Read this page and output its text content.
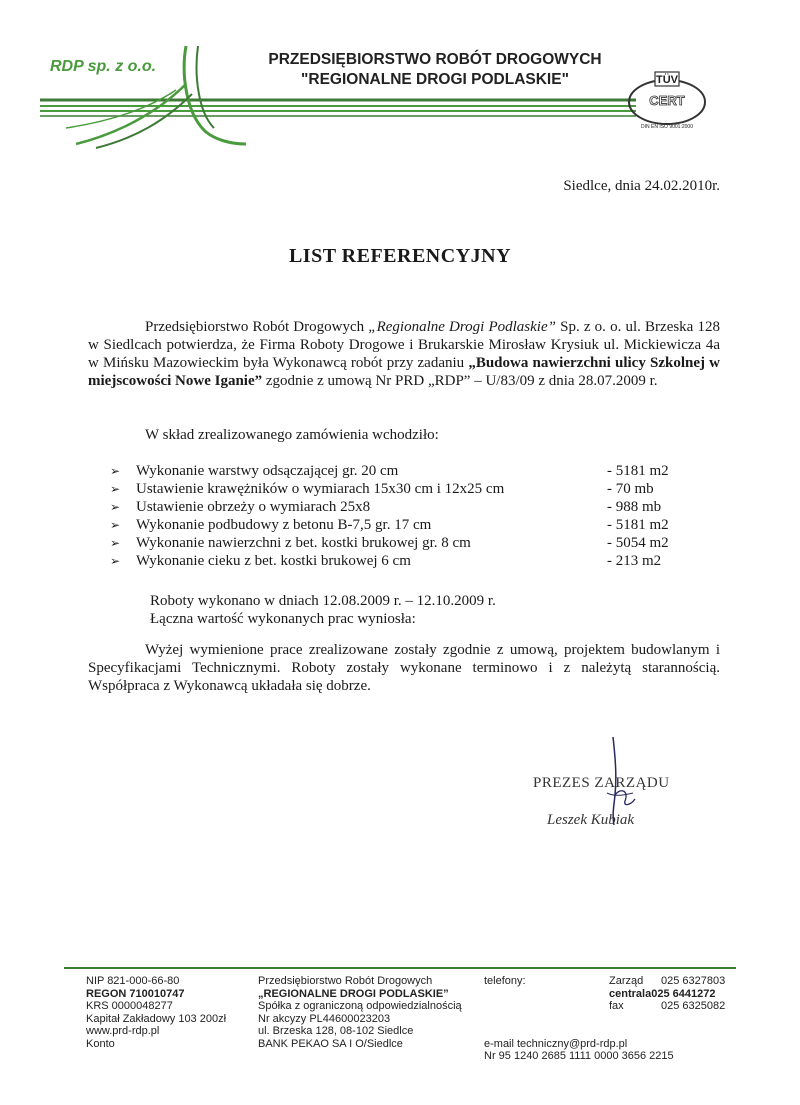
RDP sp. z o.o.	PRZEDSIĘBIORSTWO ROBÓT DROGOWYCH
"REGIONALNE DROGI PODLASKIE"	TÜV
CERT
DIN EN ISO 9001:2000
Siedlce, dnia 24.02.2010r.
LIST REFERENCYJNY
Przedsiębiorstwo Robót Drogowych „Regionalne Drogi Podlaskie” Sp. z o. o. ul. Brzeska 128 w Siedlcach potwierdza, że Firma Roboty Drogowe i Brukarskie Mirosław Krysiuk ul. Mickiewicza 4a w Mińsku Mazowieckim była Wykonawcą robót przy zadaniu „Budowa nawierzchni ulicy Szkolnej w miejscowości Nowe Iganie” zgodnie z umową Nr PRD „RDP” – U/83/09 z dnia 28.07.2009 r.
W skład zrealizowanego zamówienia wchodziło:
➢ Wykonanie warstwy odsączającej gr. 20 cm	- 5181 m2
➢ Ustawienie krawężników o wymiarach 15x30 cm i 12x25 cm	- 70 mb
➢ Ustawienie obrzeży o wymiarach 25x8	- 988 mb
➢ Wykonanie podbudowy z betonu B-7,5 gr. 17 cm	- 5181 m2
➢ Wykonanie nawierzchni z bet. kostki brukowej gr. 8 cm	- 5054 m2
➢ Wykonanie cieku z bet. kostki brukowej 6 cm	- 213 m2
Roboty wykonano w dniach 12.08.2009 r. – 12.10.2009 r.
Łączna wartość wykonanych prac wyniosła:
Wyżej wymienione prace zrealizowane zostały zgodnie z umową, projektem budowlanym i Specyfikacjami Technicznymi. Roboty zostały wykonane terminowo i z należytą starannością. Współpraca z Wykonawcą układała się dobrze.
PREZES ZARZĄDU
Leszek Kubiak
NIP 821-000-66-80
REGON 710010747
KRS 0000048277
Kapitał Zakładowy 103 200zł
www.prd-rdp.pl
Konto
Przedsiębiorstwo Robót Drogowych
„REGIONALNE DROGI PODLASKIE”
Spółka z ograniczoną odpowiedzialnością
Nr akcyzy PL44600023203
ul. Brzeska 128, 08-102 Siedlce
BANK PEKAO SA I O/Siedlce
telefony:	Zarząd 025 6327803
centrala025 6441272
fax	025 6325082
e-mail techniczny@prd-rdp.pl
Nr 95 1240 2685 1111 0000 3656 2215
